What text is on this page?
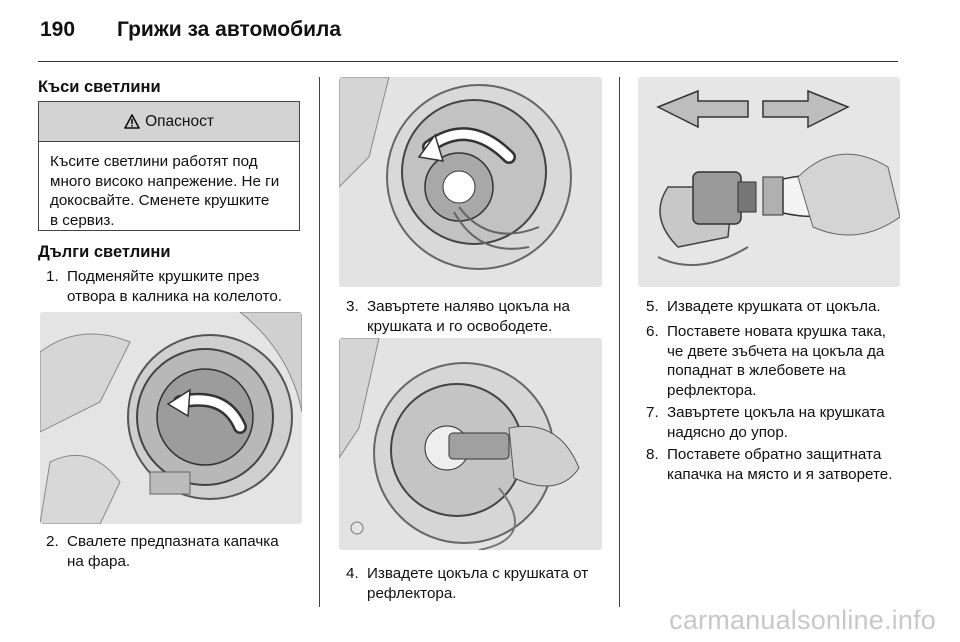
190 Грижи за автомобила
Къси светлини
Опасност
Късите светлини работят под
много високо напрежение. Не ги
докосвайте. Сменете крушките
в сервиз.
Дълги светлини
1. Подменяйте крушките през
отвора в калника на колелото.
2. Свалете предпазната капачка
на фара.
3. Завъртете наляво цокъла на
крушката и го освободете.
4. Извадете цокъла с крушката от
рефлектора.
5. Извадете крушката от цокъла.
6. Поставете новата крушка така,
че двете зъбчета на цокъла да
попаднат в жлебовете на
рефлектора.
7. Завъртете цокъла на крушката
надясно до упор.
8. Поставете обратно защитната
капачка на място и я затворете.
carmanualsonline.info
